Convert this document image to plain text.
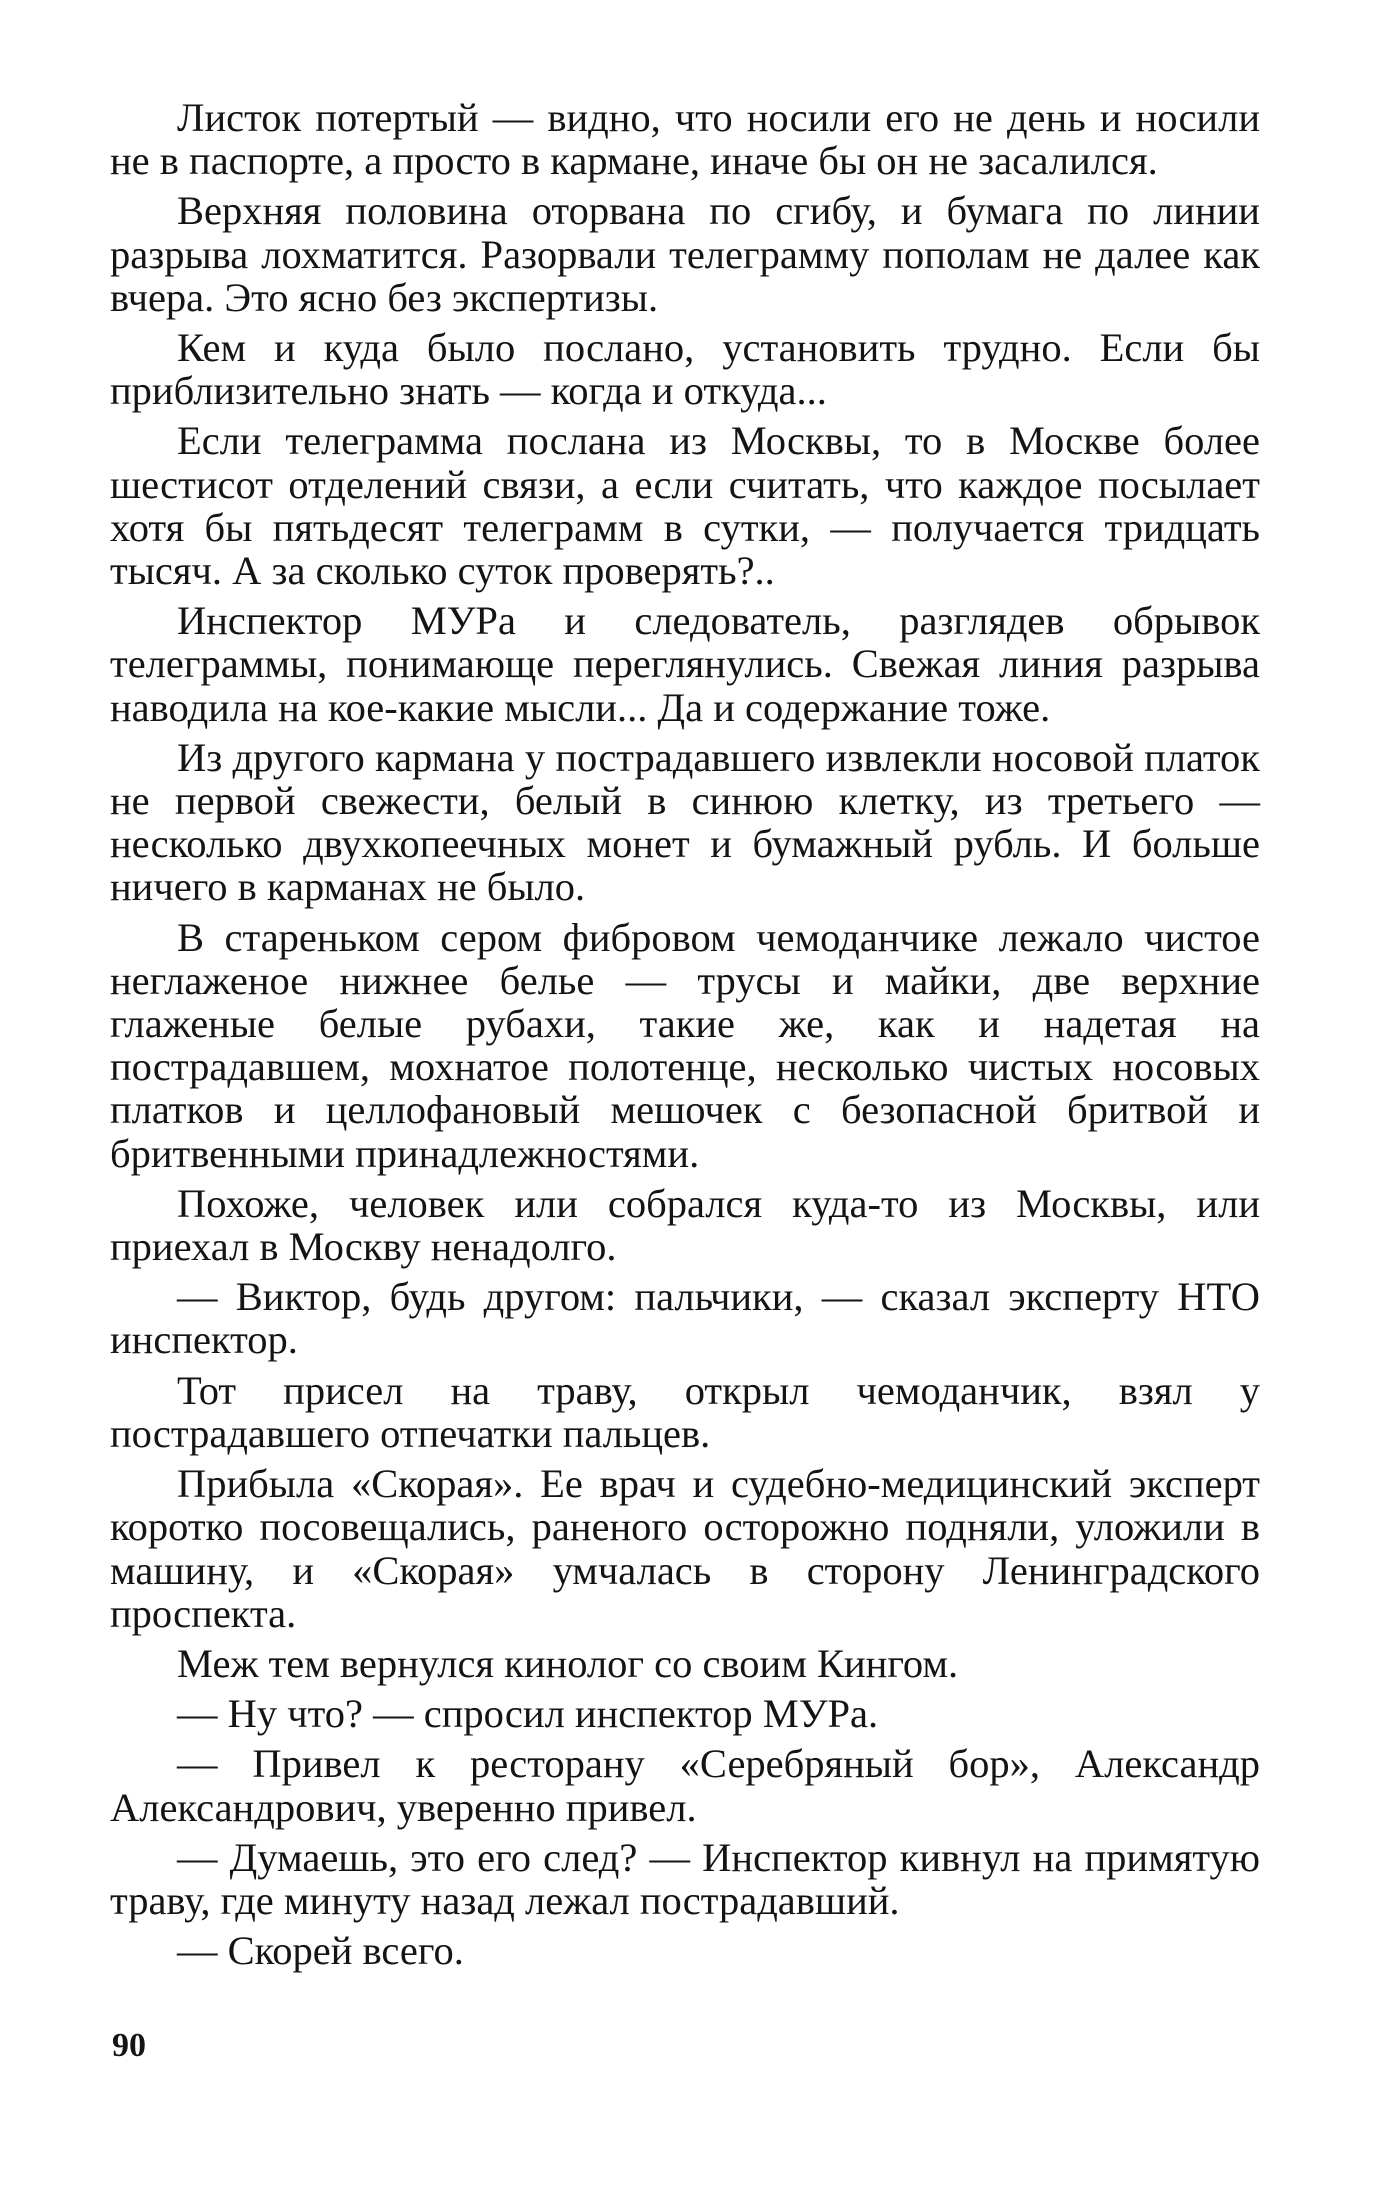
Листок потертый — видно, что носили его не день и носили не в паспорте, а просто в кармане, иначе бы он не засалился.

Верхняя половина оторвана по сгибу, и бумага по линии разрыва лохматится. Разорвали телеграмму пополам не далее как вчера. Это ясно без экспертизы.

Кем и куда было послано, установить трудно. Если бы приблизительно знать — когда и откуда...

Если телеграмма послана из Москвы, то в Москве более шестисот отделений связи, а если считать, что каждое посылает хотя бы пятьдесят телеграмм в сутки, — получается тридцать тысяч. А за сколько суток проверять?..

Инспектор МУРа и следователь, разглядев обрывок телеграммы, понимающе переглянулись. Свежая линия разрыва наводила на кое-какие мысли... Да и содержание тоже.

Из другого кармана у пострадавшего извлекли носовой платок не первой свежести, белый в синюю клетку, из третьего — несколько двухкопеечных монет и бумажный рубль. И больше ничего в карманах не было.

В стареньком сером фибровом чемоданчике лежало чистое неглаженое нижнее белье — трусы и майки, две верхние глаженые белые рубахи, такие же, как и надетая на пострадавшем, мохнатое полотенце, несколько чистых носовых платков и целлофановый мешочек с безопасной бритвой и бритвенными принадлежностями.

Похоже, человек или собрался куда-то из Москвы, или приехал в Москву ненадолго.

— Виктор, будь другом: пальчики, — сказал эксперту НТО инспектор.

Тот присел на траву, открыл чемоданчик, взял у пострадавшего отпечатки пальцев.

Прибыла «Скорая». Ее врач и судебно-медицинский эксперт коротко посовещались, раненого осторожно подняли, уложили в машину, и «Скорая» умчалась в сторону Ленинградского проспекта.

Меж тем вернулся кинолог со своим Кингом.

— Ну что? — спросил инспектор МУРа.

— Привел к ресторану «Серебряный бор», Александр Александрович, уверенно привел.

— Думаешь, это его след? — Инспектор кивнул на примятую траву, где минуту назад лежал пострадавший.

— Скорей всего.

90
